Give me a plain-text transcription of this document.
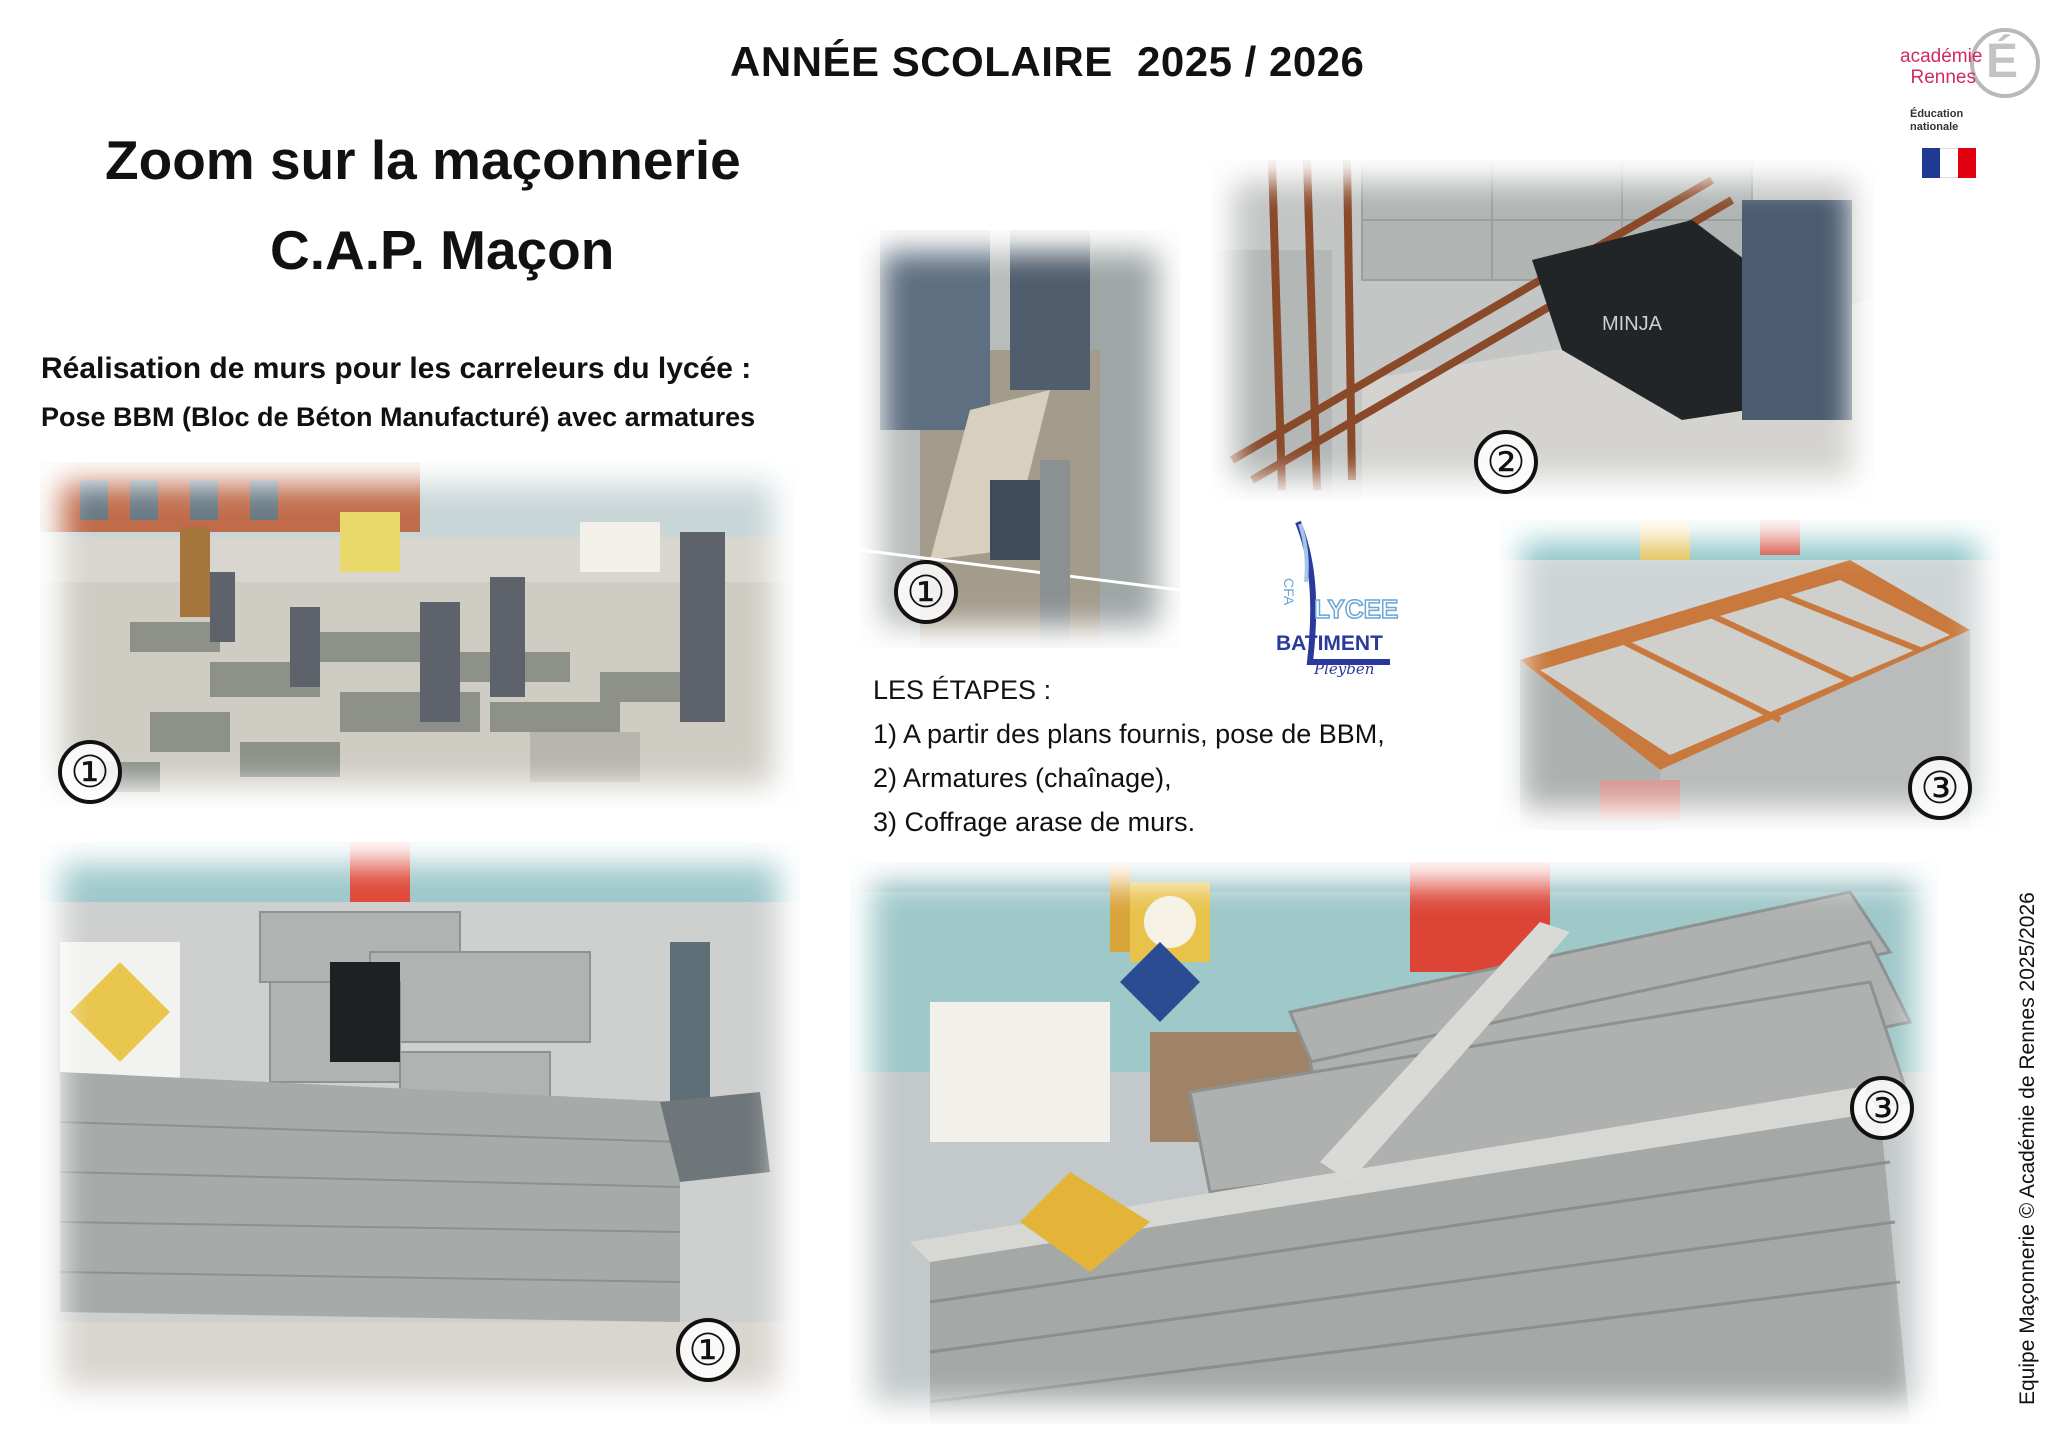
ANNÉE SCOLAIRE  2025 / 2026
Zoom sur la maçonnerie
C.A.P. Maçon
Réalisation de murs pour les carreleurs du lycée :
Pose BBM (Bloc de Béton Manufacturé) avec armatures
É
académie
Rennes
Éducation
nationale
CFA
LYCEE
BATIMENT
Pleyben
LES ÉTAPES :
1) A partir des plans fournis, pose de BBM,
2) Armatures (chaînage),
3) Coffrage arase de murs.
①
①
MINJA
②
③
①
③	Equipe Maçonnerie © Académie de Rennes 2025/2026
